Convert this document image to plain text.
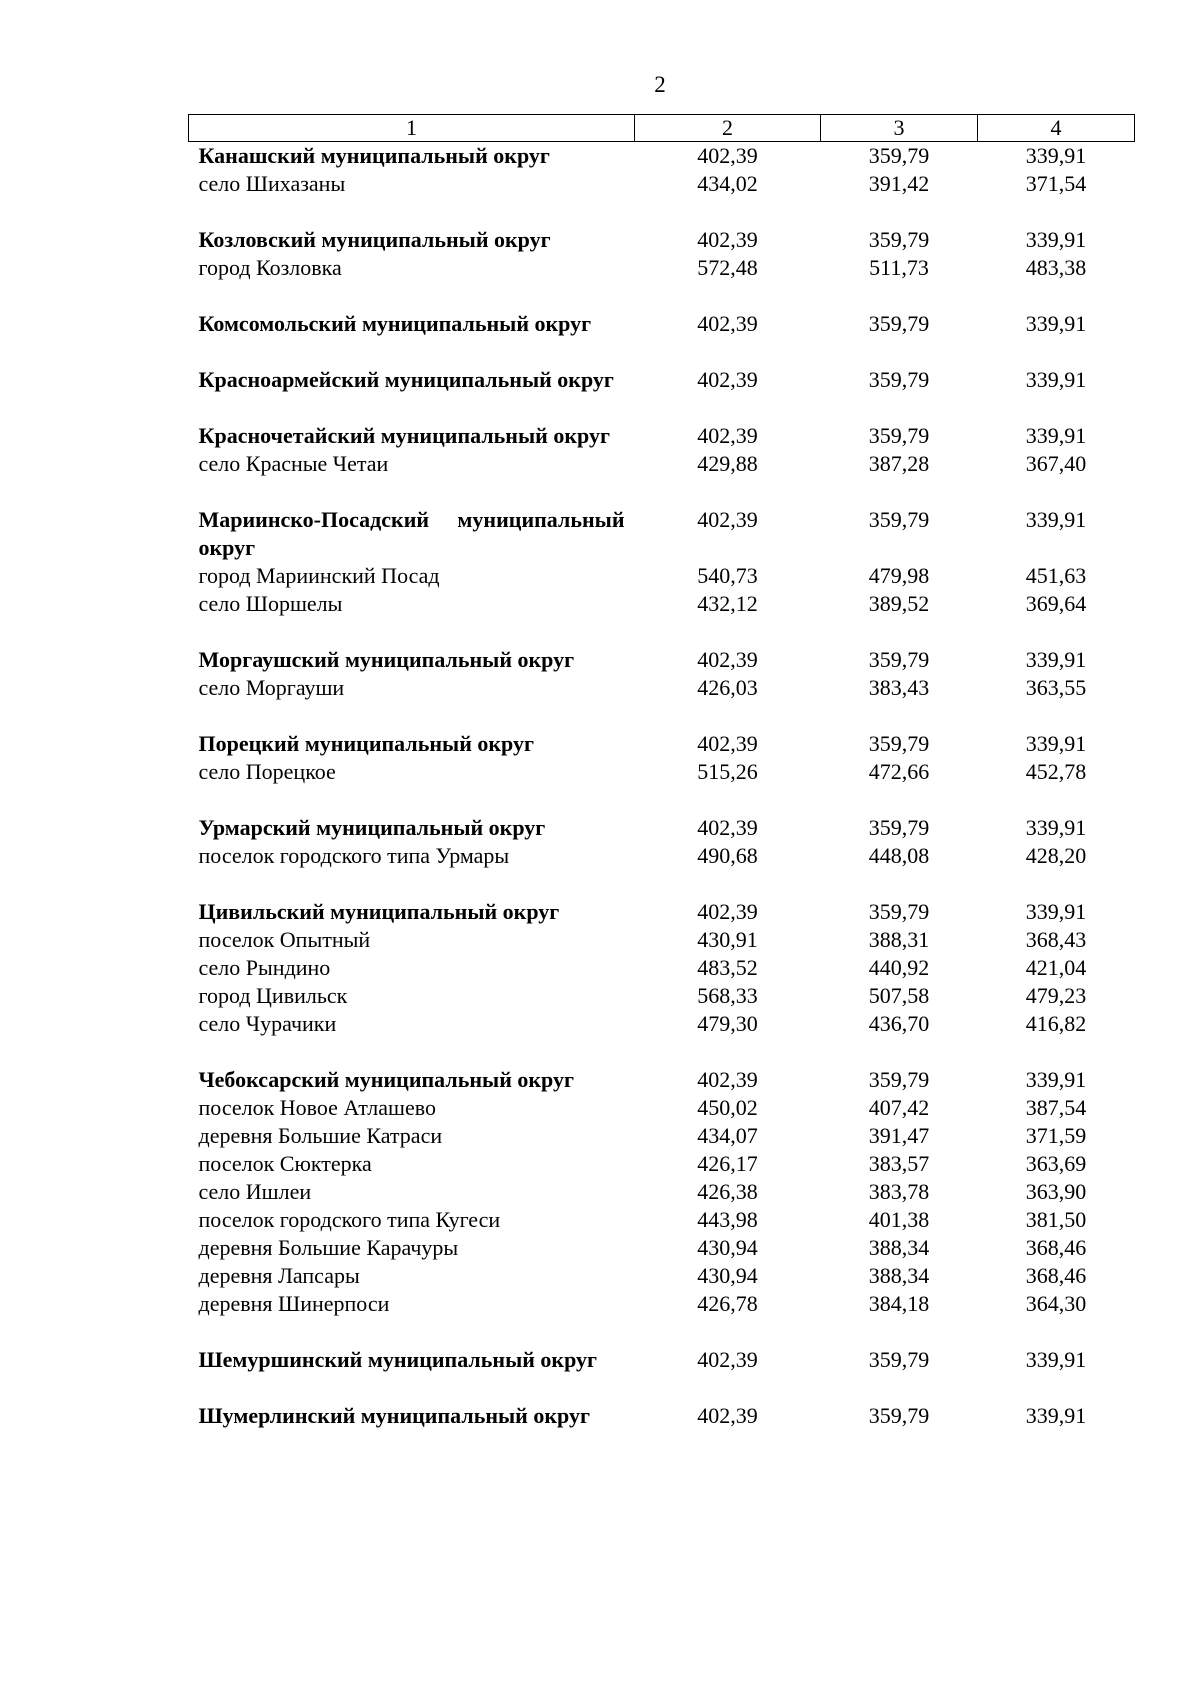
2
1	2	3	4
Канашский муниципальный округ	402,39	359,79	339,91
село Шихазаны	434,02	391,42	371,54

Козловский муниципальный округ	402,39	359,79	339,91
город Козловка	572,48	511,73	483,38

Комсомольский муниципальный округ	402,39	359,79	339,91

Красноармейский муниципальный округ	402,39	359,79	339,91

Красночетайский муниципальный округ	402,39	359,79	339,91
село Красные Четаи	429,88	387,28	367,40

Мариинско-Посадский муниципальный округ	402,39	359,79	339,91
город Мариинский Посад	540,73	479,98	451,63
село Шоршелы	432,12	389,52	369,64

Моргаушский муниципальный округ	402,39	359,79	339,91
село Моргауши	426,03	383,43	363,55

Порецкий муниципальный округ	402,39	359,79	339,91
село Порецкое	515,26	472,66	452,78

Урмарский муниципальный округ	402,39	359,79	339,91
поселок городского типа Урмары	490,68	448,08	428,20

Цивильский муниципальный округ	402,39	359,79	339,91
поселок Опытный	430,91	388,31	368,43
село Рындино	483,52	440,92	421,04
город Цивильск	568,33	507,58	479,23
село Чурачики	479,30	436,70	416,82

Чебоксарский муниципальный округ	402,39	359,79	339,91
поселок Новое Атлашево	450,02	407,42	387,54
деревня Большие Катраси	434,07	391,47	371,59
поселок Сюктерка	426,17	383,57	363,69
село Ишлеи	426,38	383,78	363,90
поселок городского типа Кугеси	443,98	401,38	381,50
деревня Большие Карачуры	430,94	388,34	368,46
деревня Лапсары	430,94	388,34	368,46
деревня Шинерпоси	426,78	384,18	364,30

Шемуршинский муниципальный округ	402,39	359,79	339,91

Шумерлинский муниципальный округ	402,39	359,79	339,91
